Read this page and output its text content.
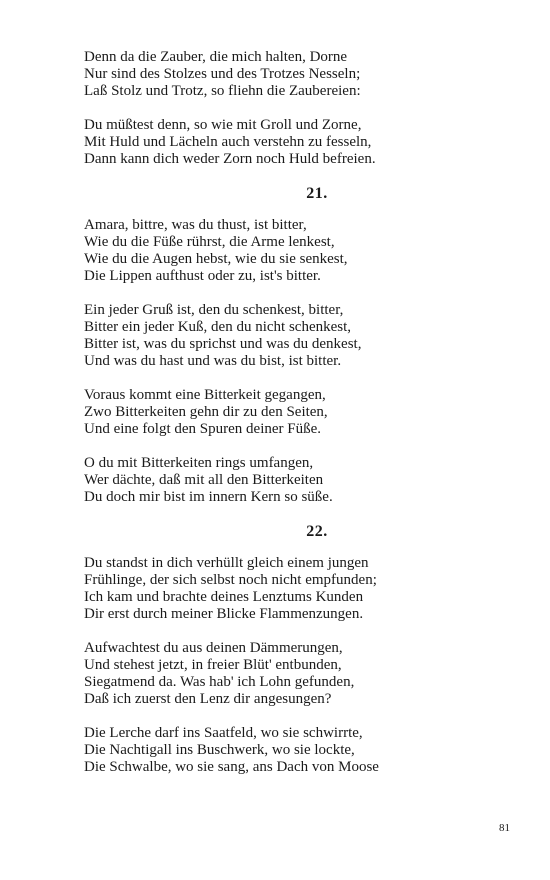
Denn da die Zauber, die mich halten, Dorne
Nur sind des Stolzes und des Trotzes Nesseln;
Laß Stolz und Trotz, so fliehn die Zaubereien:
Du müßtest denn, so wie mit Groll und Zorne,
Mit Huld und Lächeln auch verstehn zu fesseln,
Dann kann dich weder Zorn noch Huld befreien.
21.
Amara, bittre, was du thust, ist bitter,
Wie du die Füße rührst, die Arme lenkest,
Wie du die Augen hebst, wie du sie senkest,
Die Lippen aufthust oder zu, ist's bitter.
Ein jeder Gruß ist, den du schenkest, bitter,
Bitter ein jeder Kuß, den du nicht schenkest,
Bitter ist, was du sprichst und was du denkest,
Und was du hast und was du bist, ist bitter.
Voraus kommt eine Bitterkeit gegangen,
Zwo Bitterkeiten gehn dir zu den Seiten,
Und eine folgt den Spuren deiner Füße.
O du mit Bitterkeiten rings umfangen,
Wer dächte, daß mit all den Bitterkeiten
Du doch mir bist im innern Kern so süße.
22.
Du standst in dich verhüllt gleich einem jungen
Frühlinge, der sich selbst noch nicht empfunden;
Ich kam und brachte deines Lenztums Kunden
Dir erst durch meiner Blicke Flammenzungen.
Aufwachtest du aus deinen Dämmerungen,
Und stehest jetzt, in freier Blüt' entbunden,
Siegatmend da. Was hab' ich Lohn gefunden,
Daß ich zuerst den Lenz dir angesungen?
Die Lerche darf ins Saatfeld, wo sie schwirrte,
Die Nachtigall ins Buschwerk, wo sie lockte,
Die Schwalbe, wo sie sang, ans Dach von Moose
81
